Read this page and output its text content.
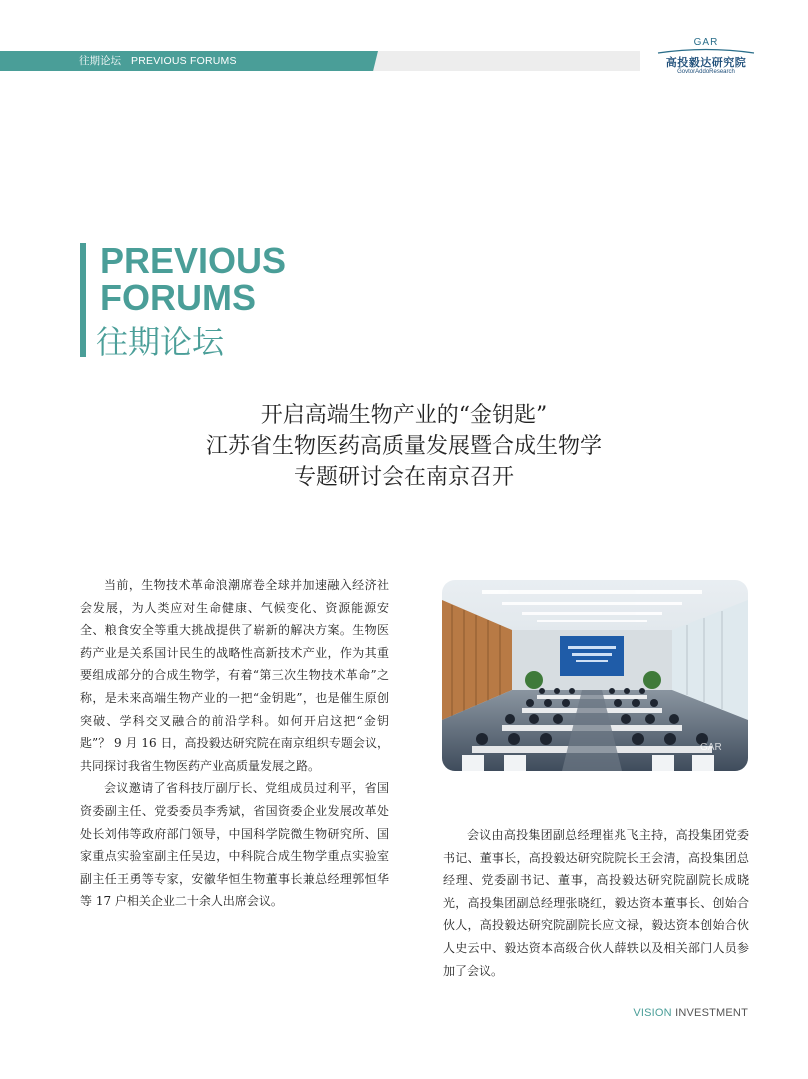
往期论坛 PREVIOUS FORUMS
GAR
高投毅达研究院
GovtorAddoResearch
PREVIOUS
FORUMS
往期论坛
开启高端生物产业的“金钥匙”
江苏省生物医药高质量发展暨合成生物学
专题研讨会在南京召开

当前，生物技术革命浪潮席卷全球并加速融入经济社会发展，为人类应对生命健康、气候变化、资源能源安全、粮食安全等重大挑战提供了崭新的解决方案。生物医药产业是关系国计民生的战略性高新技术产业，作为其重要组成部分的合成生物学，有着“第三次生物技术革命”之称，是未来高端生物产业的一把“金钥匙”，也是催生原创突破、学科交叉融合的前沿学科。如何开启这把“金钥匙”？ 9 月 16 日，高投毅达研究院在南京组织专题会议，共同探讨我省生物医药产业高质量发展之路。

会议邀请了省科技厅副厅长、党组成员过利平，省国资委副主任、党委委员李秀斌，省国资委企业发展改革处处长刘伟等政府部门领导，中国科学院微生物研究所、国家重点实验室副主任吴边，中科院合成生物学重点实验室副主任王勇等专家，安徽华恒生物董事长兼总经理郭恒华等 17 户相关企业二十余人出席会议。

GAR

会议由高投集团副总经理崔兆飞主持，高投集团党委书记、董事长，高投毅达研究院院长王会清，高投集团总经理、党委副书记、董事，高投毅达研究院副院长成晓光，高投集团副总经理张晓红，毅达资本董事长、创始合伙人，高投毅达研究院副院长应文禄，毅达资本创始合伙人史云中、毅达资本高级合伙人薛轶以及相关部门人员参加了会议。

VISION INVESTMENT
